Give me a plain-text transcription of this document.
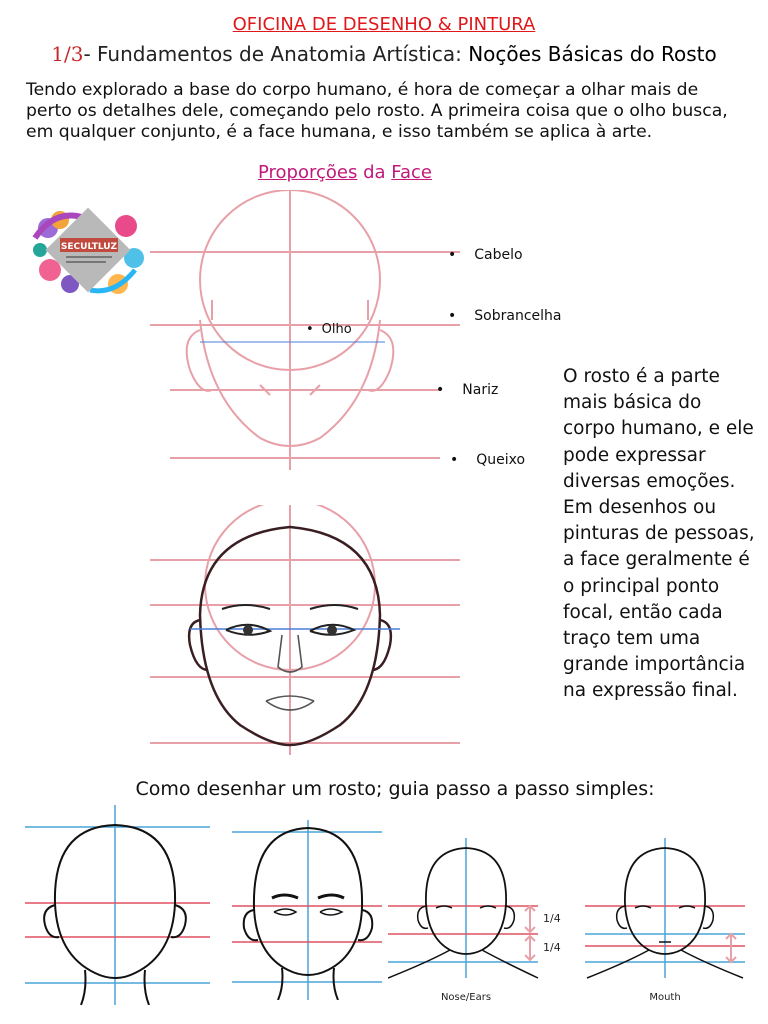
OFICINA DE DESENHO & PINTURA
1/3- Fundamentos de Anatomia Artística: Noções Básicas do Rosto
Tendo explorado a base do corpo humano, é hora de começar a olhar mais de perto os detalhes dele, começando pelo rosto. A primeira coisa que o olho busca, em qualquer conjunto, é a face humana, e isso também se aplica à arte.
Proporções da Face
SECULTLUZ	• Cabelo
• Sobrancelha
• Olho
• Nariz
• Queixo
O rosto é a parte mais básica do corpo humano, e ele pode expressar diversas emoções. Em desenhos ou pinturas de pessoas, a face geralmente é o principal ponto focal, então cada traço tem uma grande importância na expressão final.
Como desenhar um rosto; guia passo a passo simples:
1/4
1/4
Nose/Ears	Mouth
